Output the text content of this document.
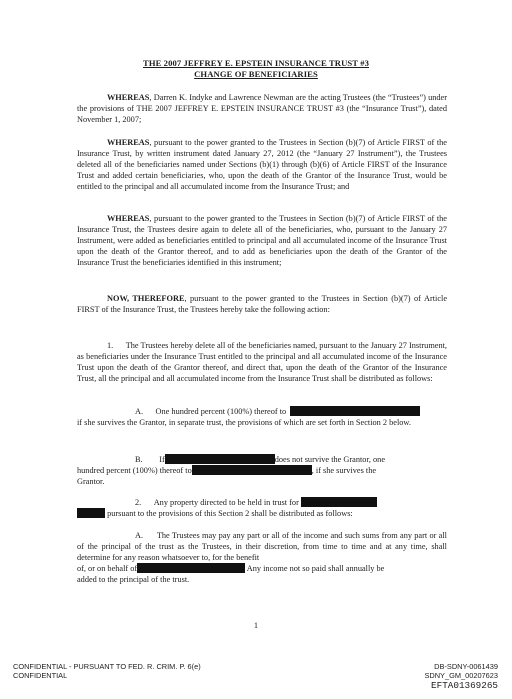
THE 2007 JEFFREY E. EPSTEIN INSURANCE TRUST #3
CHANGE OF BENEFICIARIES
WHEREAS, Darren K. Indyke and Lawrence Newman are the acting Trustees (the “Trustees”) under the provisions of THE 2007 JEFFREY E. EPSTEIN INSURANCE TRUST #3 (the “Insurance Trust”), dated November 1, 2007;
WHEREAS, pursuant to the power granted to the Trustees in Section (b)(7) of Article FIRST of the Insurance Trust, by written instrument dated January 27, 2012 (the “January 27 Instrument”), the Trustees deleted all of the beneficiaries named under Sections (b)(1) through (b)(6) of Article FIRST of the Insurance Trust and added certain beneficiaries, who, upon the death of the Grantor of the Insurance Trust, would be entitled to the principal and all accumulated income from the Insurance Trust; and
WHEREAS, pursuant to the power granted to the Trustees in Section (b)(7) of Article FIRST of the Insurance Trust, the Trustees desire again to delete all of the beneficiaries, who, pursuant to the January 27 Instrument, were added as beneficiaries entitled to principal and all accumulated income of the Insurance Trust upon the death of the Grantor thereof, and to add as beneficiaries upon the death of the Grantor of the Insurance Trust the beneficiaries identified in this instrument;
NOW, THEREFORE, pursuant to the power granted to the Trustees in Section (b)(7) of Article FIRST of the Insurance Trust, the Trustees hereby take the following action:
1. The Trustees hereby delete all of the beneficiaries named, pursuant to the January 27 Instrument, as beneficiaries under the Insurance Trust entitled to the principal and all accumulated income of the Insurance Trust upon the death of the Grantor thereof, and direct that, upon the death of the Grantor of the Insurance Trust, all the principal and all accumulated income from the Insurance Trust shall be distributed as follows:
A. One hundred percent (100%) thereof to
if she survives the Grantor, in separate trust, the provisions of which are set forth in Section 2 below.
B. If	does not survive the Grantor, one
hundred percent (100%) thereof to	, if she survives the
Grantor.
2. Any property directed to be held in trust for
pursuant to the provisions of this Section 2 shall be distributed as follows:
A. The Trustees may pay any part or all of the income and such sums from any part or all of the principal of the trust as the Trustees, in their discretion, from time to time and at any time, shall determine for any reason whatsoever to, for the benefit
of, or on behalf of	Any income not so paid shall annually be
added to the principal of the trust.
1
CONFIDENTIAL - PURSUANT TO FED. R. CRIM. P. 6(e)
CONFIDENTIAL
DB-SDNY-0061439
SDNY_GM_00207623
EFTA01369265
